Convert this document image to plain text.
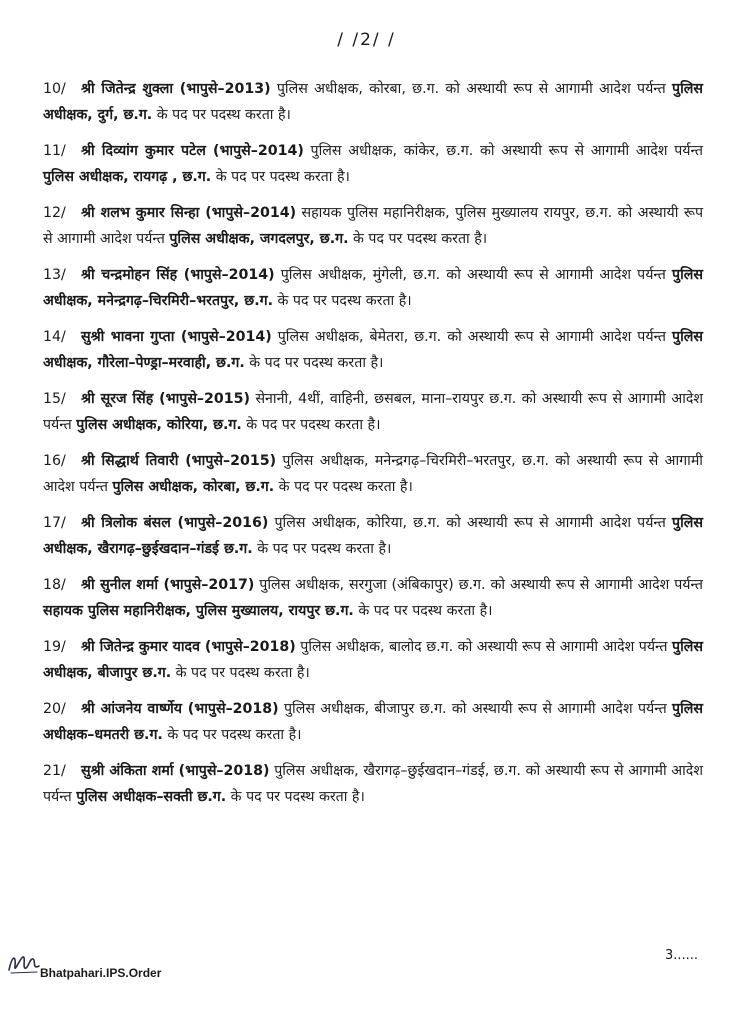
/ /2/ /

10/ श्री जितेन्द्र शुक्ला (भापुसे–2013) पुलिस अधीक्षक, कोरबा, छ.ग. को अस्थायी रूप से आगामी आदेश पर्यन्त पुलिस अधीक्षक, दुर्ग, छ.ग. के पद पर पदस्थ करता है।

11/ श्री दिव्यांग कुमार पटेल (भापुसे–2014) पुलिस अधीक्षक, कांकेर, छ.ग. को अस्थायी रूप से आगामी आदेश पर्यन्त पुलिस अधीक्षक, रायगढ़ , छ.ग. के पद पर पदस्थ करता है।

12/ श्री शलभ कुमार सिन्हा (भापुसे–2014) सहायक पुलिस महानिरीक्षक, पुलिस मुख्यालय रायपुर, छ.ग. को अस्थायी रूप से आगामी आदेश पर्यन्त पुलिस अधीक्षक, जगदलपुर, छ.ग. के पद पर पदस्थ करता है।

13/ श्री चन्द्रमोहन सिंह (भापुसे–2014) पुलिस अधीक्षक, मुंगेली, छ.ग. को अस्थायी रूप से आगामी आदेश पर्यन्त पुलिस अधीक्षक, मनेन्द्रगढ़–चिरमिरी–भरतपुर, छ.ग. के पद पर पदस्थ करता है।

14/ सुश्री भावना गुप्ता (भापुसे–2014) पुलिस अधीक्षक, बेमेतरा, छ.ग. को अस्थायी रूप से आगामी आदेश पर्यन्त पुलिस अधीक्षक, गौरेला–पेण्ड्रा–मरवाही, छ.ग. के पद पर पदस्थ करता है।

15/ श्री सूरज सिंह (भापुसे–2015) सेनानी, 4थीं, वाहिनी, छसबल, माना–रायपुर छ.ग. को अस्थायी रूप से आगामी आदेश पर्यन्त पुलिस अधीक्षक, कोरिया, छ.ग. के पद पर पदस्थ करता है।

16/ श्री सिद्धार्थ तिवारी (भापुसे–2015) पुलिस अधीक्षक, मनेन्द्रगढ़–चिरमिरी–भरतपुर, छ.ग. को अस्थायी रूप से आगामी आदेश पर्यन्त पुलिस अधीक्षक, कोरबा, छ.ग. के पद पर पदस्थ करता है।

17/ श्री त्रिलोक बंसल (भापुसे–2016) पुलिस अधीक्षक, कोरिया, छ.ग. को अस्थायी रूप से आगामी आदेश पर्यन्त पुलिस अधीक्षक, खैरागढ़–छुईखदान–गंडई छ.ग. के पद पर पदस्थ करता है।

18/ श्री सुनील शर्मा (भापुसे–2017) पुलिस अधीक्षक, सरगुजा (अंबिकापुर) छ.ग. को अस्थायी रूप से आगामी आदेश पर्यन्त सहायक पुलिस महानिरीक्षक, पुलिस मुख्यालय, रायपुर छ.ग. के पद पर पदस्थ करता है।

19/ श्री जितेन्द्र कुमार यादव (भापुसे–2018) पुलिस अधीक्षक, बालोद छ.ग. को अस्थायी रूप से आगामी आदेश पर्यन्त पुलिस अधीक्षक, बीजापुर छ.ग. के पद पर पदस्थ करता है।

20/ श्री आंजनेय वार्ष्णेय (भापुसे–2018) पुलिस अधीक्षक, बीजापुर छ.ग. को अस्थायी रूप से आगामी आदेश पर्यन्त पुलिस अधीक्षक–धमतरी छ.ग. के पद पर पदस्थ करता है।

21/ सुश्री अंकिता शर्मा (भापुसे–2018) पुलिस अधीक्षक, खैरागढ़–छुईखदान–गंडई, छ.ग. को अस्थायी रूप से आगामी आदेश पर्यन्त पुलिस अधीक्षक–सक्ती छ.ग. के पद पर पदस्थ करता है।

3......
Bhatpahari.IPS.Order
